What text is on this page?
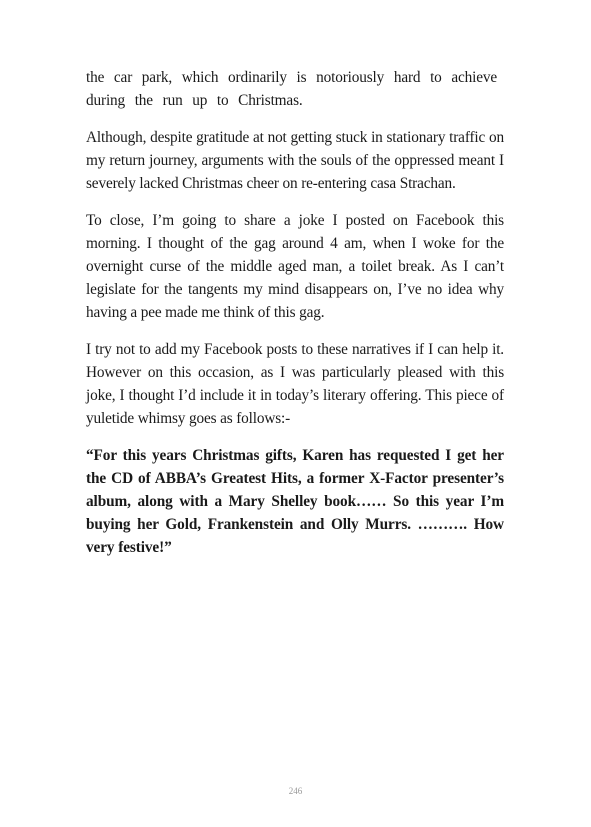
the car park, which ordinarily is notoriously hard to achieve during the run up to Christmas.

Although, despite gratitude at not getting stuck in stationary traffic on my return journey, arguments with the souls of the oppressed meant I severely lacked Christmas cheer on re-entering casa Strachan.

To close, I’m going to share a joke I posted on Facebook this morning. I thought of the gag around 4 am, when I woke for the overnight curse of the middle aged man, a toilet break. As I can’t legislate for the tangents my mind disappears on, I’ve no idea why having a pee made me think of this gag.

I try not to add my Facebook posts to these narratives if I can help it. However on this occasion, as I was particularly pleased with this joke, I thought I’d include it in today’s literary offering. This piece of yuletide whimsy goes as follows:-

“For this years Christmas gifts, Karen has requested I get her the CD of ABBA’s Greatest Hits, a former X-Factor presenter’s album, along with a Mary Shelley book…… So this year I’m buying her Gold, Frankenstein and Olly Murrs. ………. How very festive!”

246
